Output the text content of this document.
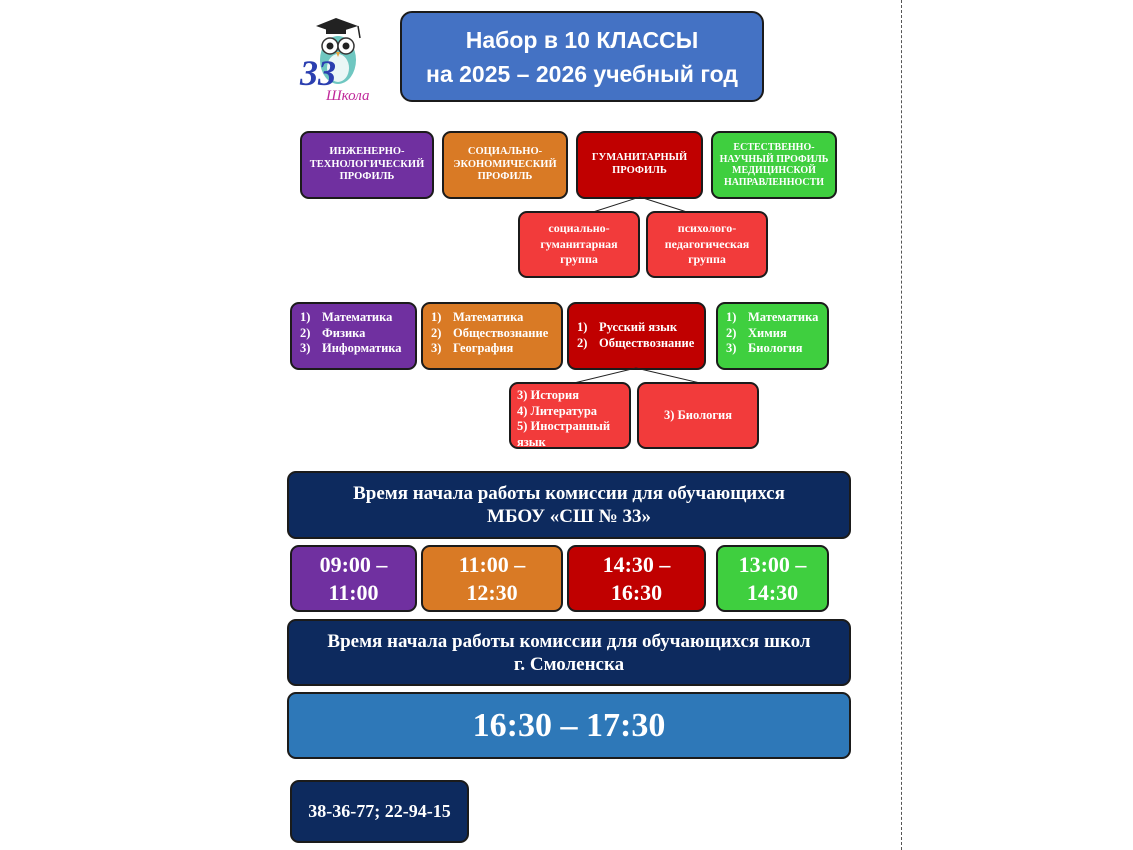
33
Школа
Набор в 10 КЛАССЫ
на 2025 – 2026 учебный год
ИНЖЕНЕРНО-ТЕХНОЛОГИЧЕСКИЙ ПРОФИЛЬ
СОЦИАЛЬНО-ЭКОНОМИЧЕСКИЙ ПРОФИЛЬ
ГУМАНИТАРНЫЙ ПРОФИЛЬ
ЕСТЕСТВЕННО-НАУЧНЫЙ ПРОФИЛЬ МЕДИЦИНСКОЙ НАПРАВЛЕННОСТИ
социально-гуманитарная группа
психолого-педагогическая группа
1) Математика
2) Физика
3) Информатика
1) Математика
2) Обществознание
3) География
1) Русский язык
2) Обществознание
1) Математика
2) Химия
3) Биология
3) История
4) Литература
5) Иностранный язык
3) Биология
Время начала работы комиссии для обучающихся
МБОУ «СШ № 33»
09:00 –
11:00
11:00 –
12:30
14:30 –
16:30
13:00 –
14:30
Время начала работы комиссии для обучающихся школ
г. Смоленска
16:30 – 17:30
38-36-77; 22-94-15
